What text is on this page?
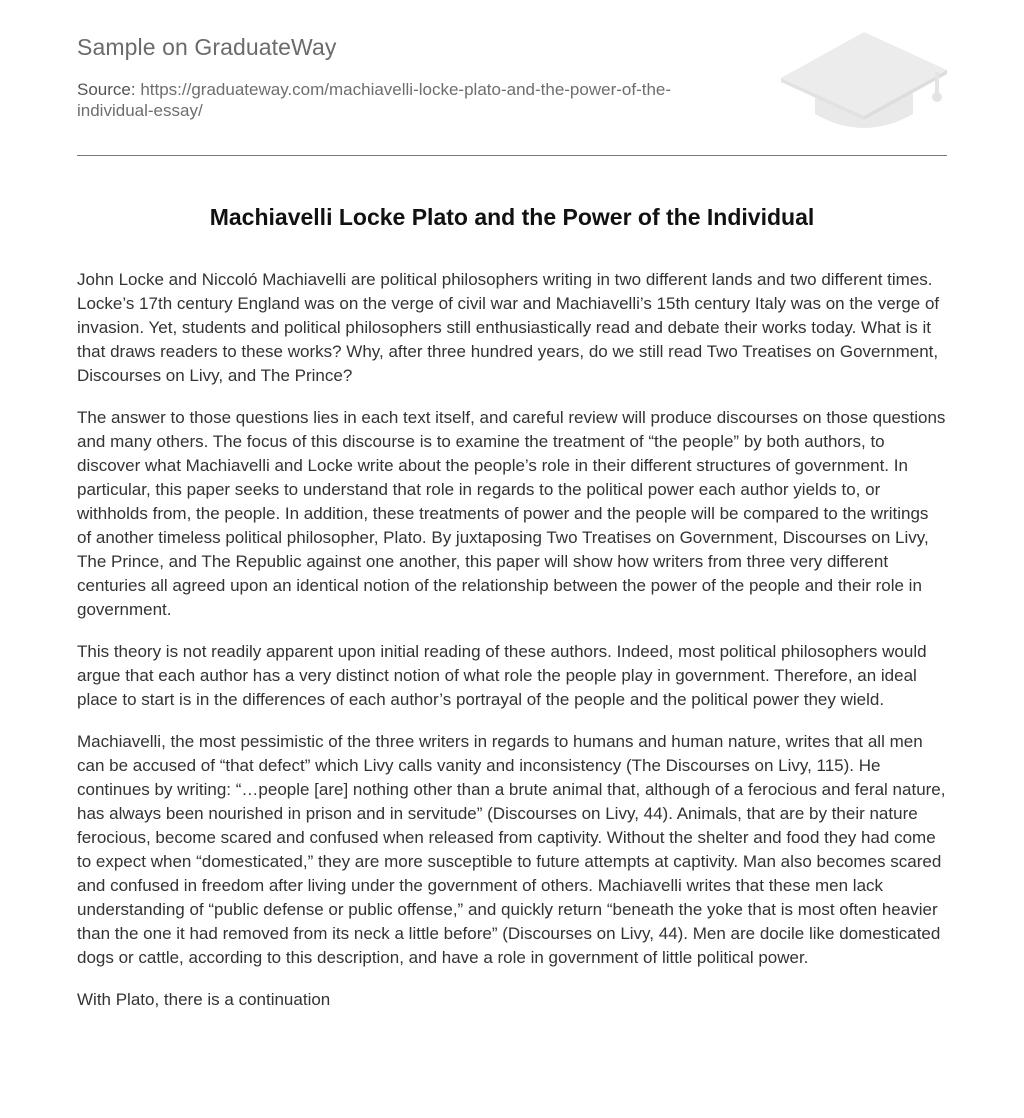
Sample on GraduateWay
Source: https://graduateway.com/machiavelli-locke-plato-and-the-power-of-the-individual-essay/
Machiavelli Locke Plato and the Power of the Individual

John Locke and Niccoló Machiavelli are political philosophers writing in two different lands and two different times. Locke’s 17th century England was on the verge of civil war and Machiavelli’s 15th century Italy was on the verge of invasion. Yet, students and political philosophers still enthusiastically read and debate their works today. What is it that draws readers to these works? Why, after three hundred years, do we still read Two Treatises on Government, Discourses on Livy, and The Prince?

The answer to those questions lies in each text itself, and careful review will produce discourses on those questions and many others. The focus of this discourse is to examine the treatment of “the people” by both authors, to discover what Machiavelli and Locke write about the people’s role in their different structures of government. In particular, this paper seeks to understand that role in regards to the political power each author yields to, or withholds from, the people. In addition, these treatments of power and the people will be compared to the writings of another timeless political philosopher, Plato. By juxtaposing Two Treatises on Government, Discourses on Livy, The Prince, and The Republic against one another, this paper will show how writers from three very different centuries all agreed upon an identical notion of the relationship between the power of the people and their role in government.

This theory is not readily apparent upon initial reading of these authors. Indeed, most political philosophers would argue that each author has a very distinct notion of what role the people play in government. Therefore, an ideal place to start is in the differences of each author’s portrayal of the people and the political power they wield.

Machiavelli, the most pessimistic of the three writers in regards to humans and human nature, writes that all men can be accused of “that defect” which Livy calls vanity and inconsistency (The Discourses on Livy, 115). He continues by writing: “…people [are] nothing other than a brute animal that, although of a ferocious and feral nature, has always been nourished in prison and in servitude” (Discourses on Livy, 44). Animals, that are by their nature ferocious, become scared and confused when released from captivity. Without the shelter and food they had come to expect when “domesticated,” they are more susceptible to future attempts at captivity. Man also becomes scared and confused in freedom after living under the government of others. Machiavelli writes that these men lack understanding of “public defense or public offense,” and quickly return “beneath the yoke that is most often heavier than the one it had removed from its neck a little before” (Discourses on Livy, 44). Men are docile like domesticated dogs or cattle, according to this description, and have a role in government of little political power.

With Plato, there is a continuation
